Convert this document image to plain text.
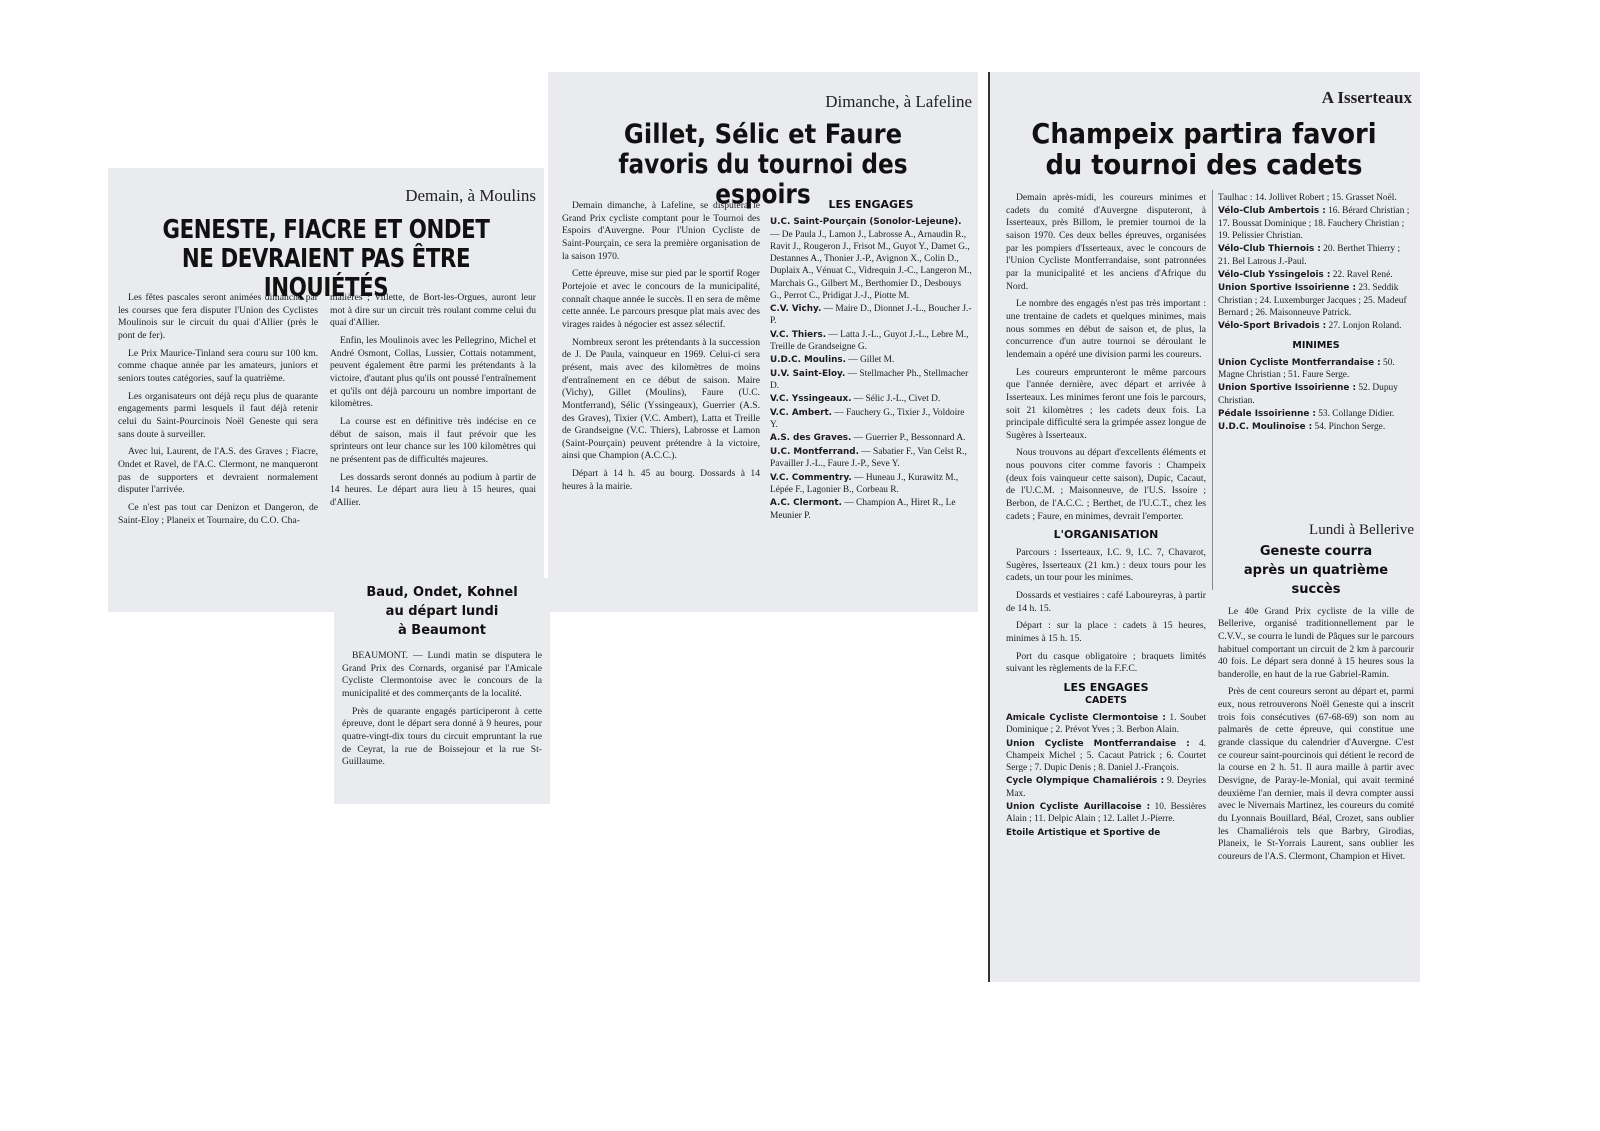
Demain, à Moulins
GENESTE, FIACRE ET ONDET
NE DEVRAIENT PAS ÊTRE INQUIÉTÉS

Les fêtes pascales seront animées dimanche par les courses que fera disputer l'Union des Cyclistes Moulinois sur le circuit du quai d'Allier (près le pont de fer).

Le Prix Maurice-Tinland sera couru sur 100 km. comme chaque année par les amateurs, juniors et seniors toutes catégories, sauf la quatrième.

Les organisateurs ont déjà reçu plus de quarante engagements parmi lesquels il faut déjà retenir celui du Saint-Pourcinois Noël Geneste qui sera sans doute à surveiller.

Avec lui, Laurent, de l'A.S. des Graves ; Fiacre, Ondet et Ravel, de l'A.C. Clermont, ne manqueront pas de supporters et devraient normalement disputer l'arrivée.

Ce n'est pas tout car Denizon et Dangeron, de Saint-Eloy ; Planeix et Tournaire, du C.O. Cha-

malières ; Villette, de Bort-les-Orgues, auront leur mot à dire sur un circuit très roulant comme celui du quai d'Allier.

Enfin, les Moulinois avec les Pellegrino, Michel et André Osmont, Collas, Lussier, Cottais notamment, peuvent également être parmi les prétendants à la victoire, d'autant plus qu'ils ont poussé l'entraînement et qu'ils ont déjà parcouru un nombre important de kilomètres.

La course est en définitive très indécise en ce début de saison, mais il faut prévoir que les sprinteurs ont leur chance sur les 100 kilomètres qui ne présentent pas de difficultés majeures.

Les dossards seront donnés au podium à partir de 14 heures. Le départ aura lieu à 15 heures, quai d'Allier.

Baud, Ondet, Kohnel
au départ lundi
à Beaumont

BEAUMONT. — Lundi matin se disputera le Grand Prix des Cornards, organisé par l'Amicale Cycliste Clermontoise avec le concours de la municipalité et des commerçants de la localité.

Près de quarante engagés participeront à cette épreuve, dont le départ sera donné à 9 heures, pour quatre-vingt-dix tours du circuit empruntant la rue de Ceyrat, la rue de Boissejour et la rue St-Guillaume.

Dimanche, à Lafeline
Gillet, Sélic et Faure
favoris du tournoi des espoirs

Demain dimanche, à Lafeline, se disputera le Grand Prix cycliste comptant pour le Tournoi des Espoirs d'Auvergne. Pour l'Union Cycliste de Saint-Pourçain, ce sera la première organisation de la saison 1970.

Cette épreuve, mise sur pied par le sportif Roger Portejoie et avec le concours de la municipalité, connaît chaque année le succès. Il en sera de même cette année. Le parcours presque plat mais avec des virages raides à négocier est assez sélectif.

Nombreux seront les prétendants à la succession de J. De Paula, vainqueur en 1969. Celui-ci sera présent, mais avec des kilomètres de moins d'entraînement en ce début de saison. Maire (Vichy), Gillet (Moulins), Faure (U.C. Montferrand), Sélic (Yssingeaux), Guerrier (A.S. des Graves), Tixier (V.C. Ambert), Latta et Treille de Grandseigne (V.C. Thiers), Labrosse et Lamon (Saint-Pourçain) peuvent prétendre à la victoire, ainsi que Champion (A.C.C.).

Départ à 14 h. 45 au bourg. Dossards à 14 heures à la mairie.

LES ENGAGES
U.C. Saint-Pourçain (Sonolor-Lejeune). — De Paula J., Lamon J., Labrosse A., Arnaudin R., Ravit J., Rougeron J., Frisot M., Guyot Y., Damet G., Destannes A., Thonier J.-P., Avignon X., Colin D., Duplaix A., Vénuat C., Vidrequin J.-C., Langeron M., Marchais G., Gilbert M., Berthomier D., Desbouys G., Perrot C., Pridigat J.-J., Piotte M.
C.V. Vichy. — Maire D., Dionnet J.-L., Boucher J.-P.
V.C. Thiers. — Latta J.-L., Guyot J.-L., Lebre M., Treille de Grandseigne G.
U.D.C. Moulins. — Gillet M.
U.V. Saint-Eloy. — Stellmacher Ph., Stellmacher D.
V.C. Yssingeaux. — Sélic J.-L., Civet D.
V.C. Ambert. — Fauchery G., Tixier J., Voldoire Y.
A.S. des Graves. — Guerrier P., Bessonnard A.
U.C. Montferrand. — Sabatier F., Van Celst R., Pavailler J.-L., Faure J.-P., Seve Y.
V.C. Commentry. — Huneau J., Kurawitz M., Lépée F., Lagonier B., Corbeau R.
A.C. Clermont. — Champion A., Hiret R., Le Meunier P.
A Isserteaux
Champeix partira favori
du tournoi des cadets

Demain après-midi, les coureurs minimes et cadets du comité d'Auvergne disputeront, à Isserteaux, près Billom, le premier tournoi de la saison 1970. Ces deux belles épreuves, organisées par les pompiers d'Isserteaux, avec le concours de l'Union Cycliste Montferrandaise, sont patronnées par la municipalité et les anciens d'Afrique du Nord.

Le nombre des engagés n'est pas très important : une trentaine de cadets et quelques minimes, mais nous sommes en début de saison et, de plus, la concurrence d'un autre tournoi se déroulant le lendemain a opéré une division parmi les coureurs.

Les coureurs emprunteront le même parcours que l'année dernière, avec départ et arrivée à Isserteaux. Les minimes feront une fois le parcours, soit 21 kilomètres ; les cadets deux fois. La principale difficulté sera la grimpée assez longue de Sugères à Isserteaux.

Nous trouvons au départ d'excellents éléments et nous pouvons citer comme favoris : Champeix (deux fois vainqueur cette saison), Dupic, Cacaut, de l'U.C.M. ; Maisonneuve, de l'U.S. Issoire ; Berbon, de l'A.C.C. ; Berthet, de l'U.C.T., chez les cadets ; Faure, en minimes, devrait l'emporter.

L'ORGANISATION

Parcours : Isserteaux, I.C. 9, I.C. 7, Chavarot, Sugères, Isserteaux (21 km.) : deux tours pour les cadets, un tour pour les minimes.

Dossards et vestiaires : café Laboureyras, à partir de 14 h. 15.

Départ : sur la place : cadets à 15 heures, minimes à 15 h. 15.

Port du casque obligatoire ; braquets limités suivant les règlements de la F.F.C.

LES ENGAGES
CADETS
Amicale Cycliste Clermontoise : 1. Soubet Dominique ; 2. Prévot Yves ; 3. Berbon Alain.
Union Cycliste Montferrandaise : 4. Champeix Michel ; 5. Cacaut Patrick ; 6. Courtet Serge ; 7. Dupic Denis ; 8. Daniel J.-François.
Cycle Olympique Chamaliérois : 9. Deyries Max.
Union Cycliste Aurillacoise : 10. Bessières Alain ; 11. Delpic Alain ; 12. Lallet J.-Pierre.
Etoile Artistique et Sportive de
Taulhac : 14. Jollivet Robert ; 15. Grasset Noël.
Vélo-Club Ambertois : 16. Bérard Christian ; 17. Boussat Dominique ; 18. Fauchery Christian ; 19. Pelissier Christian.
Vélo-Club Thiernois : 20. Berthet Thierry ; 21. Bel Latrous J.-Paul.
Vélo-Club Yssingelois : 22. Ravel René.
Union Sportive Issoirienne : 23. Seddik Christian ; 24. Luxemburger Jacques ; 25. Madeuf Bernard ; 26. Maisonneuve Patrick.
Vélo-Sport Brivadois : 27. Lonjon Roland.
MINIMES
Union Cycliste Montferrandaise : 50. Magne Christian ; 51. Faure Serge.
Union Sportive Issoirienne : 52. Dupuy Christian.
Pédale Issoirienne : 53. Collange Didier.
U.D.C. Moulinoise : 54. Pinchon Serge.
Lundi à Bellerive
Geneste courra
après un quatrième
succès

Le 40e Grand Prix cycliste de la ville de Bellerive, organisé traditionnellement par le C.V.V., se courra le lundi de Pâques sur le parcours habituel comportant un circuit de 2 km à parcourir 40 fois. Le départ sera donné à 15 heures sous la banderolle, en haut de la rue Gabriel-Ramin.

Près de cent coureurs seront au départ et, parmi eux, nous retrouverons Noël Geneste qui a inscrit trois fois consécutives (67-68-69) son nom au palmarès de cette épreuve, qui constitue une grande classique du calendrier d'Auvergne. C'est ce coureur saint-pourcinois qui détient le record de la course en 2 h. 51. Il aura maille à partir avec Desvigne, de Paray-le-Monial, qui avait terminé deuxième l'an dernier, mais il devra compter aussi avec le Nivernais Martinez, les coureurs du comité du Lyonnais Bouillard, Béal, Crozet, sans oublier les Chamaliérois tels que Barbry, Girodias, Planeix, le St-Yorrais Laurent, sans oublier les coureurs de l'A.S. Clermont, Champion et Hivet.
